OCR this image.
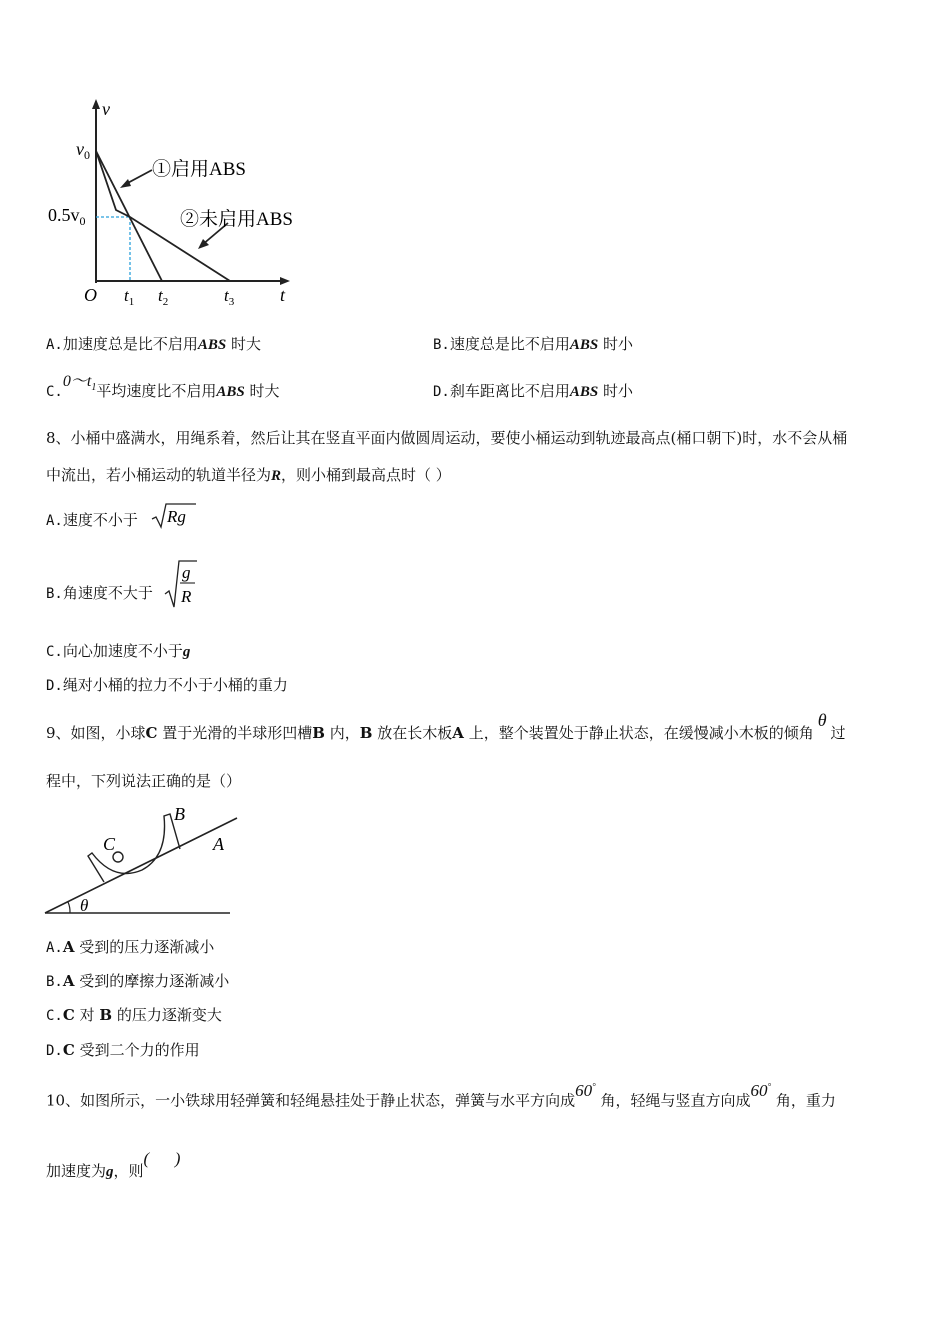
v
t
O
$v_0$
$0.5v_0$
$t_1$ $t_2$	$t_3$
①启用ABS
②未启用ABS
A.加速度总是比不启用ABS 时大	B.速度总是比不启用ABS 时小
$C.0\sim t_1$平均速度比不启用ABS 时大	D.刹车距离比不启用ABS 时小
8、小桶中盛满水，用绳系着，然后让其在竖直平面内做圆周运动，要使小桶运动到轨迹最高点(桶口朝下)时，水不会从桶
中流出，若小桶运动的轨道半径为R，则小桶到最高点时（ ）
A.速度不小于 Rg
B.角速度不大于
g
R
C.向心加速度不小于g
D.绳对小桶的拉力不小于小桶的重力
9、如图，小球C 置于光滑的半球形凹槽B 内，B 放在长木板A 上，整个装置处于静止状态，在缓慢减小木板的倾角θ过
程中，下列说法正确的是（）
B
C	A
θ
A.A 受到的压力逐渐减小
B.A 受到的摩擦力逐渐减小
C.C 对 B 的压力逐渐变大
D.C 受到二个力的作用
10、如图所示，一小铁球用轻弹簧和轻绳悬挂处于静止状态，弹簧与水平方向成60° 角，轻绳与竖直方向成60° 角，重力
加速度为g，则(      )
